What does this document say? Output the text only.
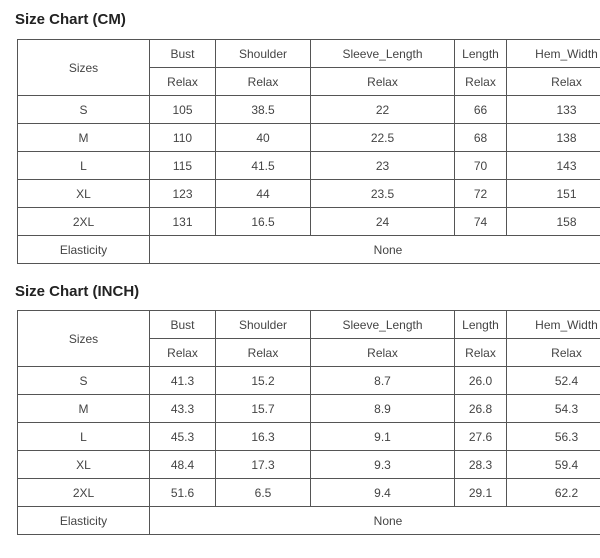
Size Chart (CM)
Sizes	Bust	Shoulder	Sleeve_Length	Length	Hem_Width
	Relax	Relax	Relax	Relax	Relax
S	105	38.5	22	66	133
M	110	40	22.5	68	138
L	115	41.5	23	70	143
XL	123	44	23.5	72	151
2XL	131	16.5	24	74	158
Elasticity	None				
Size Chart (INCH)
Sizes	Bust	Shoulder	Sleeve_Length	Length	Hem_Width
	Relax	Relax	Relax	Relax	Relax
S	41.3	15.2	8.7	26.0	52.4
M	43.3	15.7	8.9	26.8	54.3
L	45.3	16.3	9.1	27.6	56.3
XL	48.4	17.3	9.3	28.3	59.4
2XL	51.6	6.5	9.4	29.1	62.2
Elasticity	None				
